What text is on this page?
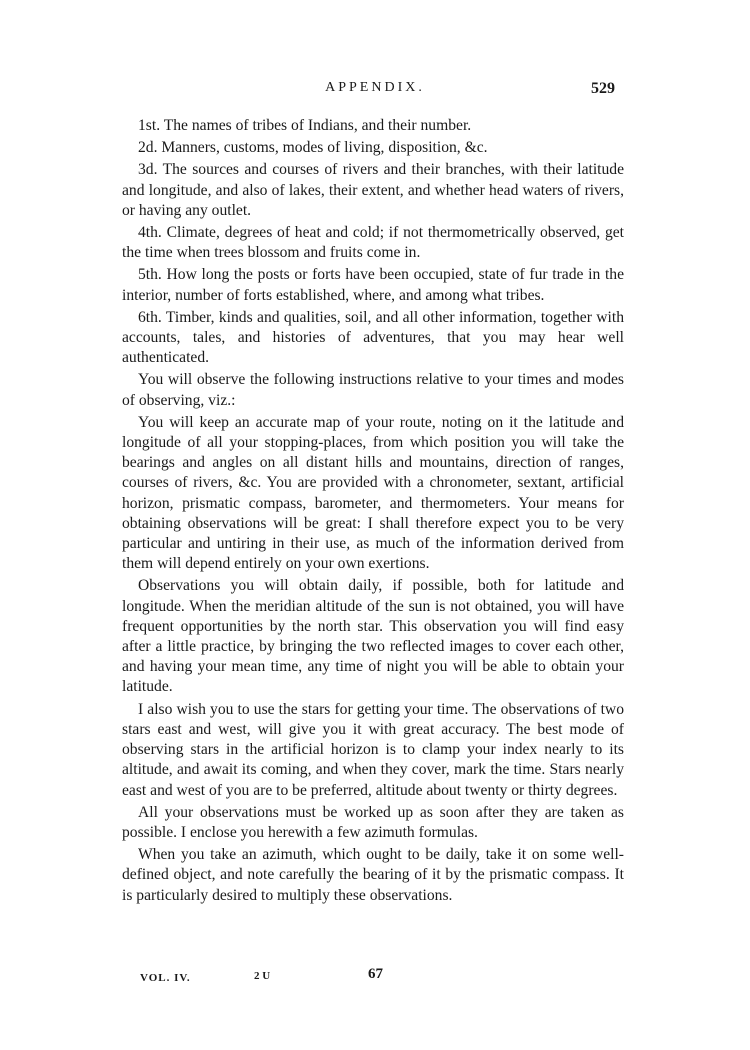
APPENDIX.	529

1st. The names of tribes of Indians, and their number.

2d. Manners, customs, modes of living, disposition, &c.

3d. The sources and courses of rivers and their branches, with their latitude and longitude, and also of lakes, their extent, and whether head waters of rivers, or having any outlet.

4th. Climate, degrees of heat and cold; if not thermometrically observed, get the time when trees blossom and fruits come in.

5th. How long the posts or forts have been occupied, state of fur trade in the interior, number of forts established, where, and among what tribes.

6th. Timber, kinds and qualities, soil, and all other information, together with accounts, tales, and histories of adventures, that you may hear well authenticated.

You will observe the following instructions relative to your times and modes of observing, viz.:

You will keep an accurate map of your route, noting on it the latitude and longitude of all your stopping-places, from which position you will take the bearings and angles on all distant hills and mountains, direction of ranges, courses of rivers, &c. You are provided with a chronometer, sextant, artificial horizon, prismatic compass, barometer, and thermometers. Your means for obtaining observations will be great: I shall therefore expect you to be very particular and untiring in their use, as much of the information derived from them will depend entirely on your own exertions.

Observations you will obtain daily, if possible, both for latitude and longitude. When the meridian altitude of the sun is not obtained, you will have frequent opportunities by the north star. This observation you will find easy after a little practice, by bringing the two reflected images to cover each other, and having your mean time, any time of night you will be able to obtain your latitude.

I also wish you to use the stars for getting your time. The observations of two stars east and west, will give you it with great accuracy. The best mode of observing stars in the artificial horizon is to clamp your index nearly to its altitude, and await its coming, and when they cover, mark the time. Stars nearly east and west of you are to be preferred, altitude about twenty or thirty degrees.

All your observations must be worked up as soon after they are taken as possible. I enclose you herewith a few azimuth formulas.

When you take an azimuth, which ought to be daily, take it on some well-defined object, and note carefully the bearing of it by the prismatic compass. It is particularly desired to multiply these observations.

VOL. IV.	2 U	67
